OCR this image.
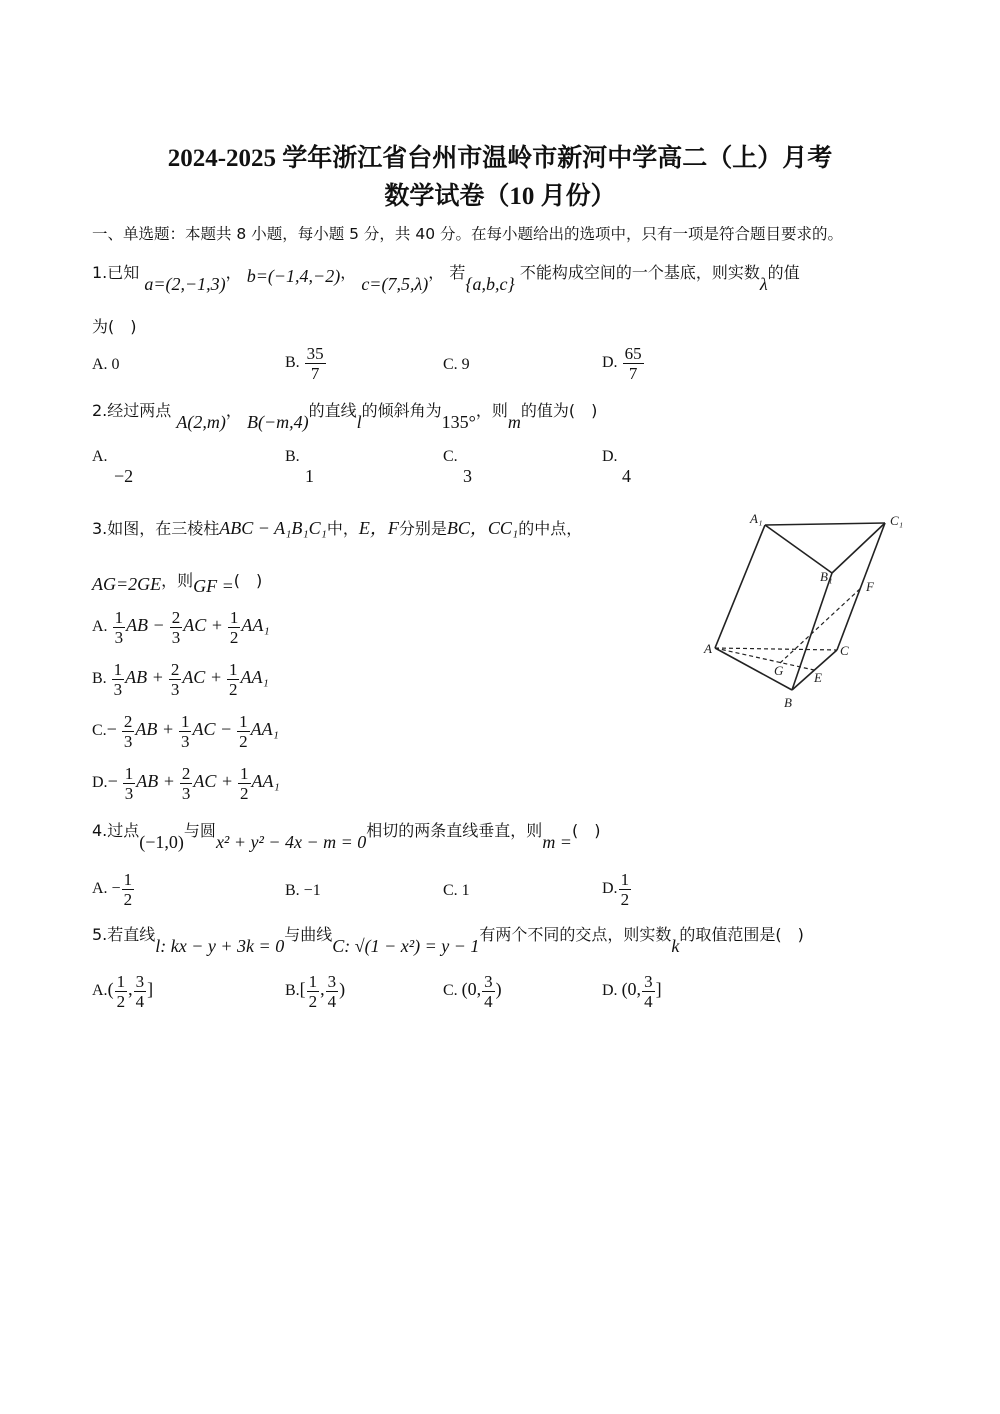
2024-2025 学年浙江省台州市温岭市新河中学高二（上）月考
数学试卷（10 月份）
一、单选题：本题共 8 小题，每小题 5 分，共 40 分。在每小题给出的选项中，只有一项是符合题目要求的。
1.已知 a=(2,−1,3)， b=(−1,4,−2)， c=(7,5,λ)， 若{a,b,c} 不能构成空间的一个基底，则实数λ的值
为(　)
A. 0	B. $\frac{35}{7}$	C. 9	D. $\frac{65}{7}$
2.经过两点 A(2,m)， B(−m,4)的直线l的倾斜角为135°，则m的值为(　)
A.
−2
B.
1
C.
3
D.
4
3.如图，在三棱柱ABC − A₁B₁C₁中，E，F分别是BC，CC₁的中点，
AG=2GE，则GF =(　)
A. $\frac{1}{3}$ AB − $\frac{2}{3}$ AC + $\frac{1}{2} AA_1$
B. $\frac{1}{3}$ AB + $\frac{2}{3}$ AC + $\frac{1}{2} AA_1$
$C.- \frac{2}{3}$ AB + $\frac{1}{3}$ AC − $\frac{1}{2} AA_1$
$D.- \frac{1}{3}$ AB + $\frac{2}{3}$ AC + $\frac{1}{2} AA_1$
A₁	C₁
B₁
F
A	C
G E
B
4.过点(−1,0)与圆x² + y² − 4x − m = 0相切的两条直线垂直，则m =(　)
A. − $\frac{1}{2}$	B. −1	C. 1	D. $\frac{1}{2}$
5.若直线l: kx − y + 3k = 0与曲线C: √(1 − x²) = y − 1有两个不同的交点，则实数k的取值范围是(　)
$A.( \frac{1}{2}$ , $\frac{3}{4}$ ]	$B.[ \frac{1}{2}$ , $\frac{3}{4}$ )	C. (0, $\frac{3}{4}$ )	D. (0, $\frac{3}{4}$ ]
